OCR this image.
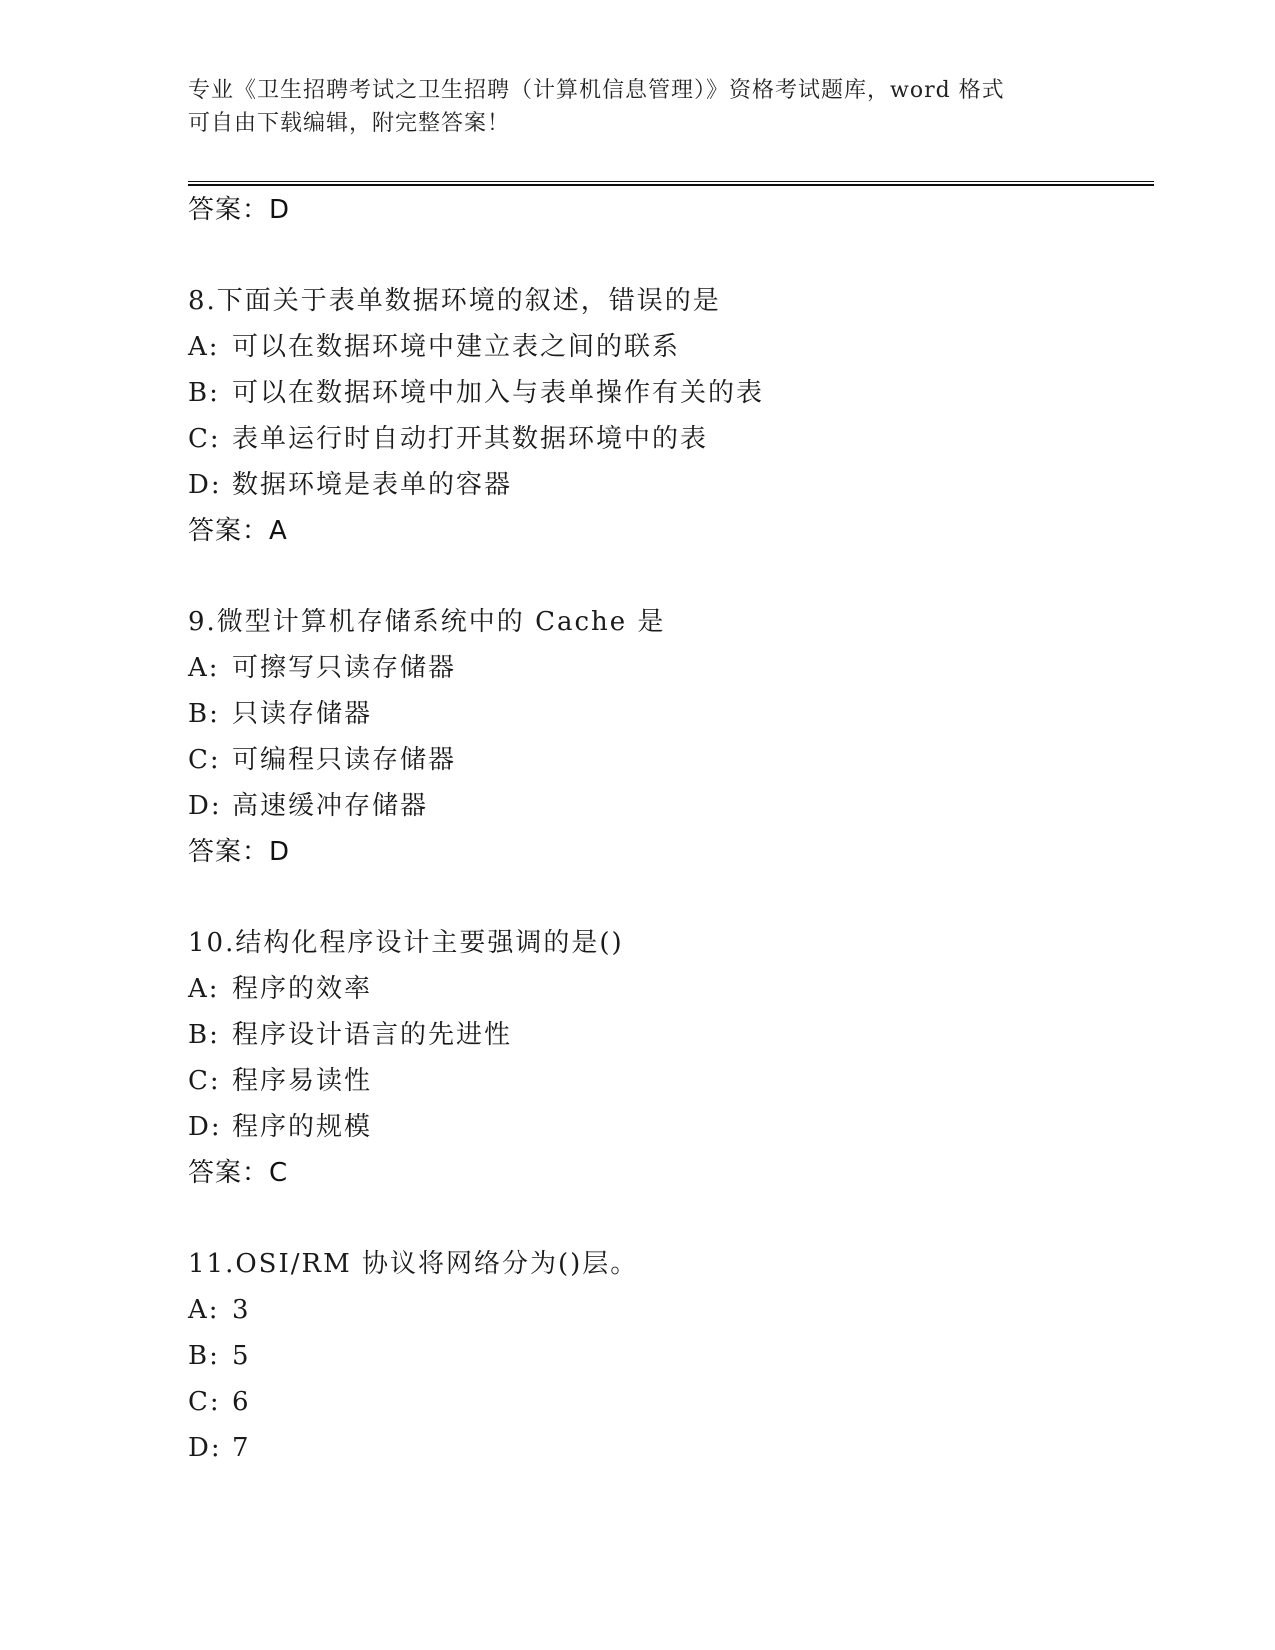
专业《卫生招聘考试之卫生招聘（计算机信息管理）》资格考试题库，word 格式
可自由下载编辑，附完整答案！
答案：D
8.下面关于表单数据环境的叙述，错误的是
A: 可以在数据环境中建立表之间的联系
B: 可以在数据环境中加入与表单操作有关的表
C: 表单运行时自动打开其数据环境中的表
D: 数据环境是表单的容器
答案：A
9.微型计算机存储系统中的 Cache 是
A: 可擦写只读存储器
B: 只读存储器
C: 可编程只读存储器
D: 高速缓冲存储器
答案：D
10.结构化程序设计主要强调的是()
A: 程序的效率
B: 程序设计语言的先进性
C: 程序易读性
D: 程序的规模
答案：C
11.OSI/RM 协议将网络分为()层。
A: 3
B: 5
C: 6
D: 7
